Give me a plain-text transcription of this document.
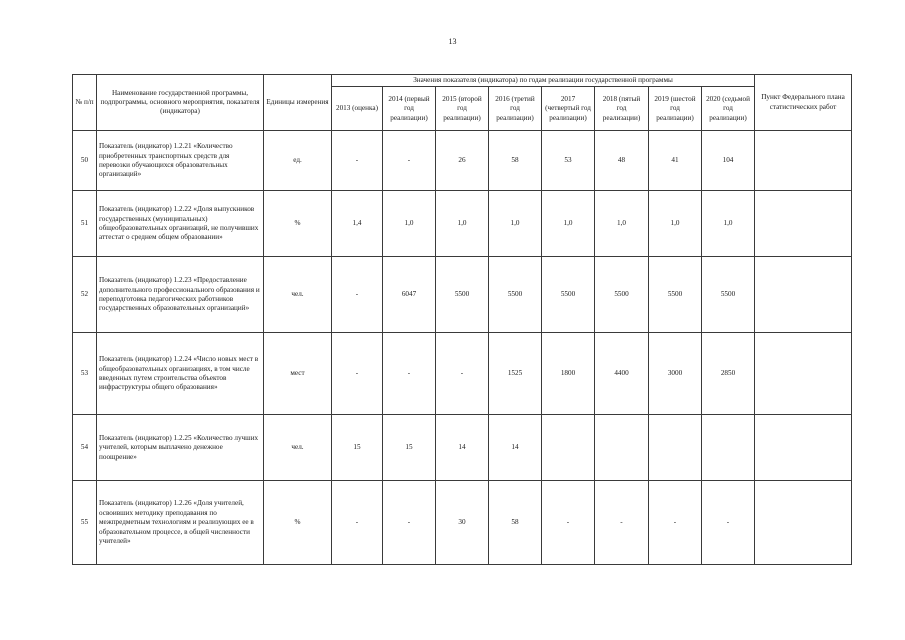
13
№ п/п	Наименование государственной программы, подпрограммы, основного мероприятия, показателя (индикатора)	Единицы измерения	Значения показателя (индикатора) по годам реализации государственной программы								Пункт Федерального плана статистических работ
			2013 (оценка)	2014 (первый год реализации)	2015 (второй год реализации)	2016 (третий год реализации)	2017 (четвертый год реализации)	2018 (пятый год реализации)	2019 (шестой год реализации)	2020 (седьмой год реализации)	
50	Показатель (индикатор) 1.2.21 «Количество приобретенных транспортных средств для перевозки обучающихся образовательных организаций»	ед.	-	-	26	58	53	48	41	104	
51	Показатель (индикатор) 1.2.22 «Доля выпускников государственных (муниципальных) общеобразовательных организаций, не получивших аттестат о среднем общем образовании»	%	1,4	1,0	1,0	1,0	1,0	1,0	1,0	1,0	
52	Показатель (индикатор) 1.2.23 «Предоставление дополнительного профессионального образования и переподготовка педагогических работников государственных образовательных организаций»	чел.	-	6047	5500	5500	5500	5500	5500	5500	
53	Показатель (индикатор) 1.2.24 «Число новых мест в общеобразовательных организациях, в том числе введенных путем строительства объектов инфраструктуры общего образования»	мест	-	-	-	1525	1800	4400	3000	2850	
54	Показатель (индикатор) 1.2.25 «Количество лучших учителей, которым выплачено денежное поощрение»	чел.	15	15	14	14					
55	Показатель (индикатор) 1.2.26 «Доля учителей, освоивших методику преподавания по межпредметным технологиям и реализующих ее в образовательном процессе, в общей численности учителей»	%	-	-	30	58	-	-	-	-	
